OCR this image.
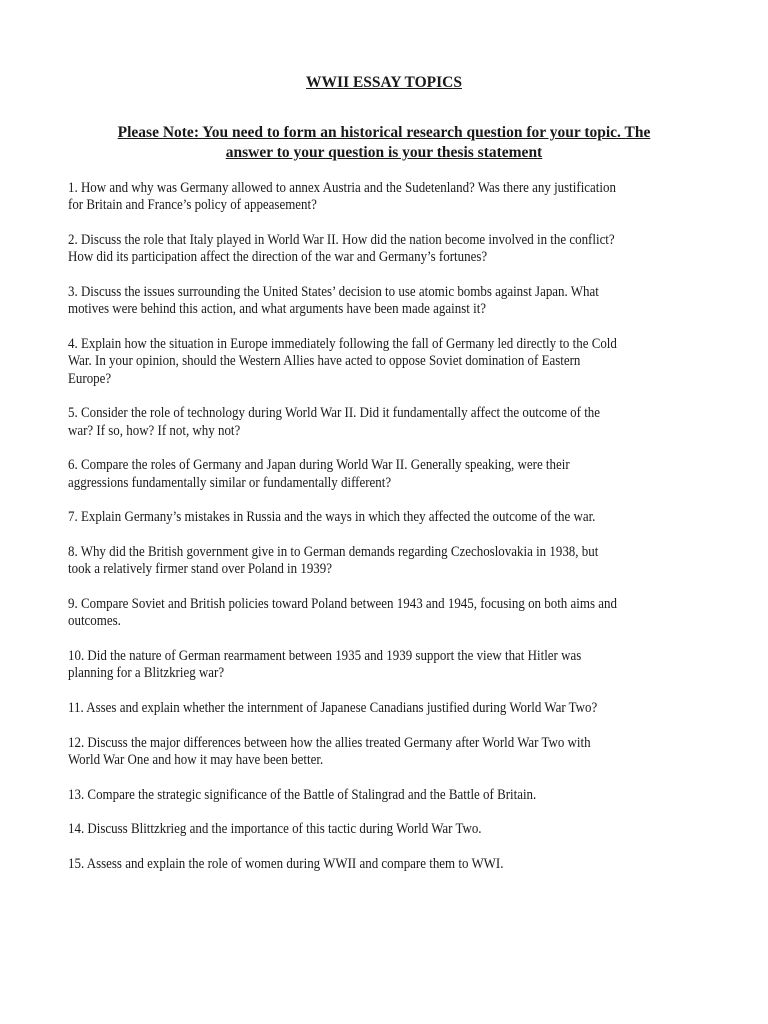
WWII ESSAY TOPICS
Please Note: You need to form an historical research question for your topic. The
answer to your question is your thesis statement
1. How and why was Germany allowed to annex Austria and the Sudetenland? Was there any justification
for Britain and France’s policy of appeasement?
2. Discuss the role that Italy played in World War II. How did the nation become involved in the conflict?
How did its participation affect the direction of the war and Germany’s fortunes?
3. Discuss the issues surrounding the United States’ decision to use atomic bombs against Japan. What
motives were behind this action, and what arguments have been made against it?
4. Explain how the situation in Europe immediately following the fall of Germany led directly to the Cold
War. In your opinion, should the Western Allies have acted to oppose Soviet domination of Eastern
Europe?
5. Consider the role of technology during World War II. Did it fundamentally affect the outcome of the
war? If so, how? If not, why not?
6. Compare the roles of Germany and Japan during World War II. Generally speaking, were their
aggressions fundamentally similar or fundamentally different?
7. Explain Germany’s mistakes in Russia and the ways in which they affected the outcome of the war.
8. Why did the British government give in to German demands regarding Czechoslovakia in 1938, but
took a relatively firmer stand over Poland in 1939?
9. Compare Soviet and British policies toward Poland between 1943 and 1945, focusing on both aims and
outcomes.
10. Did the nature of German rearmament between 1935 and 1939 support the view that Hitler was
planning for a Blitzkrieg war?
11. Asses and explain whether the internment of Japanese Canadians justified during World War Two?
12. Discuss the major differences between how the allies treated Germany after World War Two with
World War One and how it may have been better.
13. Compare the strategic significance of the Battle of Stalingrad and the Battle of Britain.
14. Discuss Blittzkrieg and the importance of this tactic during World War Two.
15. Assess and explain the role of women during WWII and compare them to WWI.
